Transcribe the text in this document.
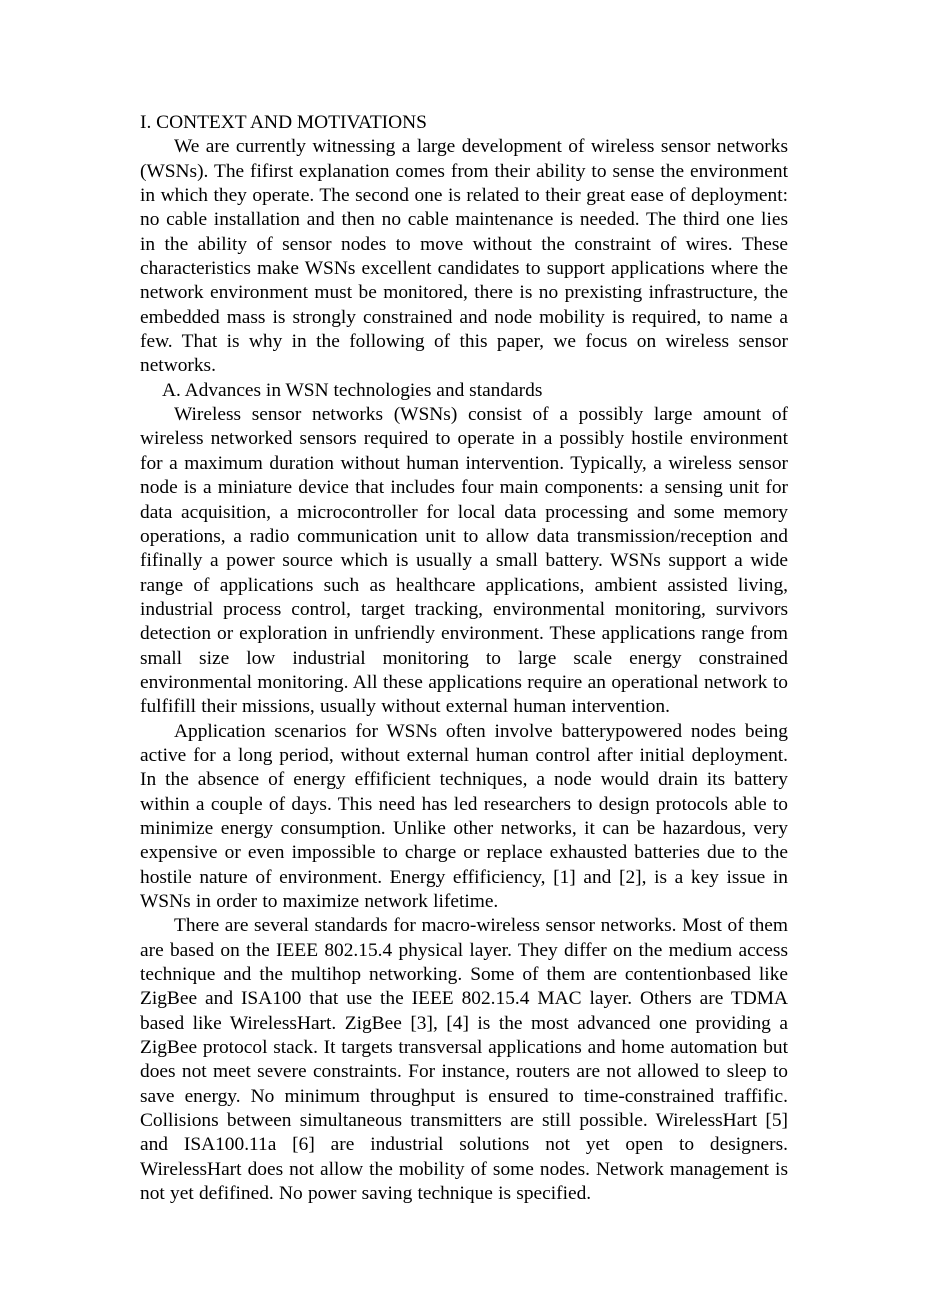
I. CONTEXT AND MOTIVATIONS

We are currently witnessing a large development of wireless sensor networks (WSNs). The fifirst explanation comes from their ability to sense the environment in which they operate. The second one is related to their great ease of deployment: no cable installation and then no cable maintenance is needed. The third one lies in the ability of sensor nodes to move without the constraint of wires. These characteristics make WSNs excellent candidates to support applications where the network environment must be monitored, there is no prexisting infrastructure, the embedded mass is strongly constrained and node mobility is required, to name a few. That is why in the following of this paper, we focus on wireless sensor networks.

A. Advances in WSN technologies and standards

Wireless sensor networks (WSNs) consist of a possibly large amount of wireless networked sensors required to operate in a possibly hostile environment for a maximum duration without human intervention. Typically, a wireless sensor node is a miniature device that includes four main components: a sensing unit for data acquisition, a microcontroller for local data processing and some memory operations, a radio communication unit to allow data transmission/reception and fifinally a power source which is usually a small battery. WSNs support a wide range of applications such as healthcare applications, ambient assisted living, industrial process control, target tracking, environmental monitoring, survivors detection or exploration in unfriendly environment. These applications range from small size low industrial monitoring to large scale energy constrained environmental monitoring. All these applications require an operational network to fulfifill their missions, usually without external human intervention.

Application scenarios for WSNs often involve batterypowered nodes being active for a long period, without external human control after initial deployment. In the absence of energy effificient techniques, a node would drain its battery within a couple of days. This need has led researchers to design protocols able to minimize energy consumption. Unlike other networks, it can be hazardous, very expensive or even impossible to charge or replace exhausted batteries due to the hostile nature of environment. Energy effificiency, [1] and [2], is a key issue in WSNs in order to maximize network lifetime.

There are several standards for macro-wireless sensor networks. Most of them are based on the IEEE 802.15.4 physical layer. They differ on the medium access technique and the multihop networking. Some of them are contentionbased like ZigBee and ISA100 that use the IEEE 802.15.4 MAC layer. Others are TDMA based like WirelessHart. ZigBee [3], [4] is the most advanced one providing a ZigBee protocol stack. It targets transversal applications and home automation but does not meet severe constraints. For instance, routers are not allowed to sleep to save energy. No minimum throughput is ensured to time-constrained traffific. Collisions between simultaneous transmitters are still possible. WirelessHart [5] and ISA100.11a [6] are industrial solutions not yet open to designers. WirelessHart does not allow the mobility of some nodes. Network management is not yet defifined. No power saving technique is specified.
